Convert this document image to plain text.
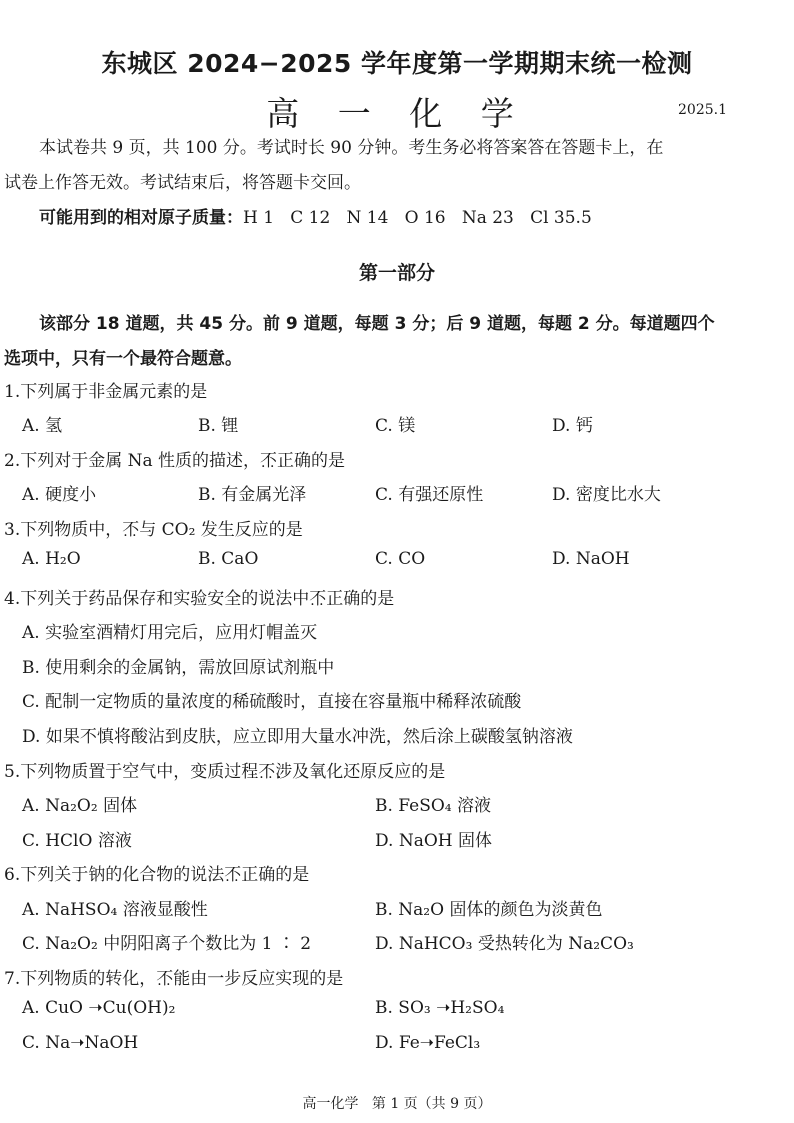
东城区 2024−2025 学年度第一学期期末统一检测
高 一 化 学	2025.1
本试卷共 9 页，共 100 分。考试时长 90 分钟。考生务必将答案答在答题卡上，在
试卷上作答无效。考试结束后，将答题卡交回。
可能用到的相对原子质量：H 1   C 12   N 14   O 16   Na 23   Cl 35.5
第一部分
该部分 18 道题，共 45 分。前 9 道题，每题 3 分；后 9 道题，每题 2 分。每道题四个
选项中，只有一个最符合题意。
1.下列属于非金属元素的是
A. 氢	B. 锂	C. 镁	D. 钙
2.下列对于金属 Na 性质的描述，不正确 · · ·的是
A. 硬度小	B. 有金属光泽	C. 有强还原性	D. 密度比水大
3.下列物质中，不与 · · CO₂ 发生反应的是
A. H₂O	B. CaO	C. CO	D. NaOH
4.下列关于药品保存和实验安全的说法中不正确 · · ·的是
A. 实验室酒精灯用完后，应用灯帽盖灭
B. 使用剩余的金属钠，需放回原试剂瓶中
C. 配制一定物质的量浓度的稀硫酸时，直接在容量瓶中稀释浓硫酸
D. 如果不慎将酸沾到皮肤，应立即用大量水冲洗，然后涂上碳酸氢钠溶液
5.下列物质置于空气中，变质过程不涉及 · · ·氧化还原反应的是
A. Na₂O₂ 固体	B. FeSO₄ 溶液
C. HClO 溶液	D. NaOH 固体
6.下列关于钠的化合物的说法不正确 · · ·的是
A. NaHSO₄ 溶液显酸性	B. Na₂O 固体的颜色为淡黄色
C. Na₂O₂ 中阴阳离子个数比为 1 ∶ 2	D. NaHCO₃ 受热转化为 Na₂CO₃
7.下列物质的转化，不能 · ·由一步反应实现的是
A. CuO ➝Cu(OH)₂	B. SO₃ ➝H₂SO₄
C. Na➝NaOH	D. Fe➝FeCl₃
高一化学   第 1 页（共 9 页）
